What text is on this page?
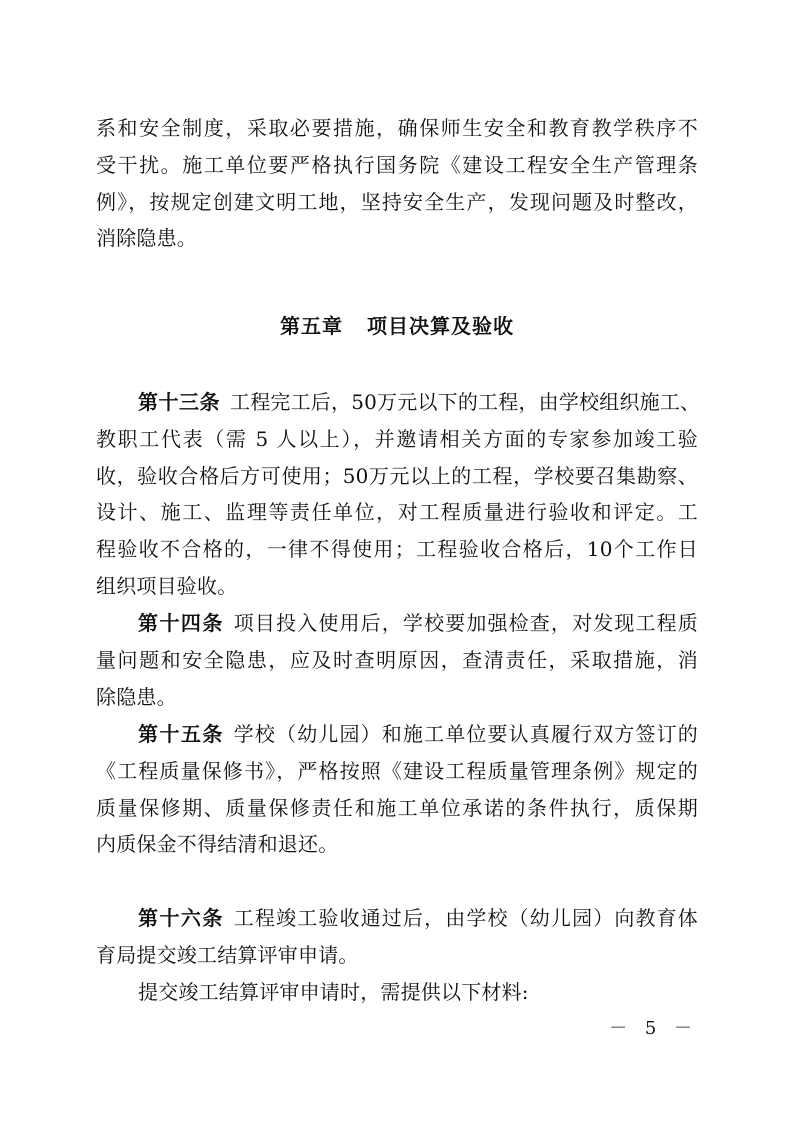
系和安全制度，采取必要措施，确保师生安全和教育教学秩序不
受干扰。施工单位要严格执行国务院《建设工程安全生产管理条
例》，按规定创建文明工地，坚持安全生产，发现问题及时整改，
消除隐患。
第五章 项目决算及验收
第十三条 工程完工后，50万元以下的工程，由学校组织施工、
教职工代表（需 5 人以上），并邀请相关方面的专家参加竣工验
收，验收合格后方可使用；50万元以上的工程，学校要召集勘察、
设计、施工、监理等责任单位，对工程质量进行验收和评定。工
程验收不合格的，一律不得使用；工程验收合格后，10个工作日
组织项目验收。
第十四条 项目投入使用后，学校要加强检查，对发现工程质
量问题和安全隐患，应及时查明原因，查清责任，采取措施，消
除隐患。
第十五条 学校（幼儿园）和施工单位要认真履行双方签订的
《工程质量保修书》，严格按照《建设工程质量管理条例》规定的
质量保修期、质量保修责任和施工单位承诺的条件执行，质保期
内质保金不得结清和退还。
第十六条 工程竣工验收通过后，由学校（幼儿园）向教育体
育局提交竣工结算评审申请。
提交竣工结算评审申请时，需提供以下材料:
－ 5 －
